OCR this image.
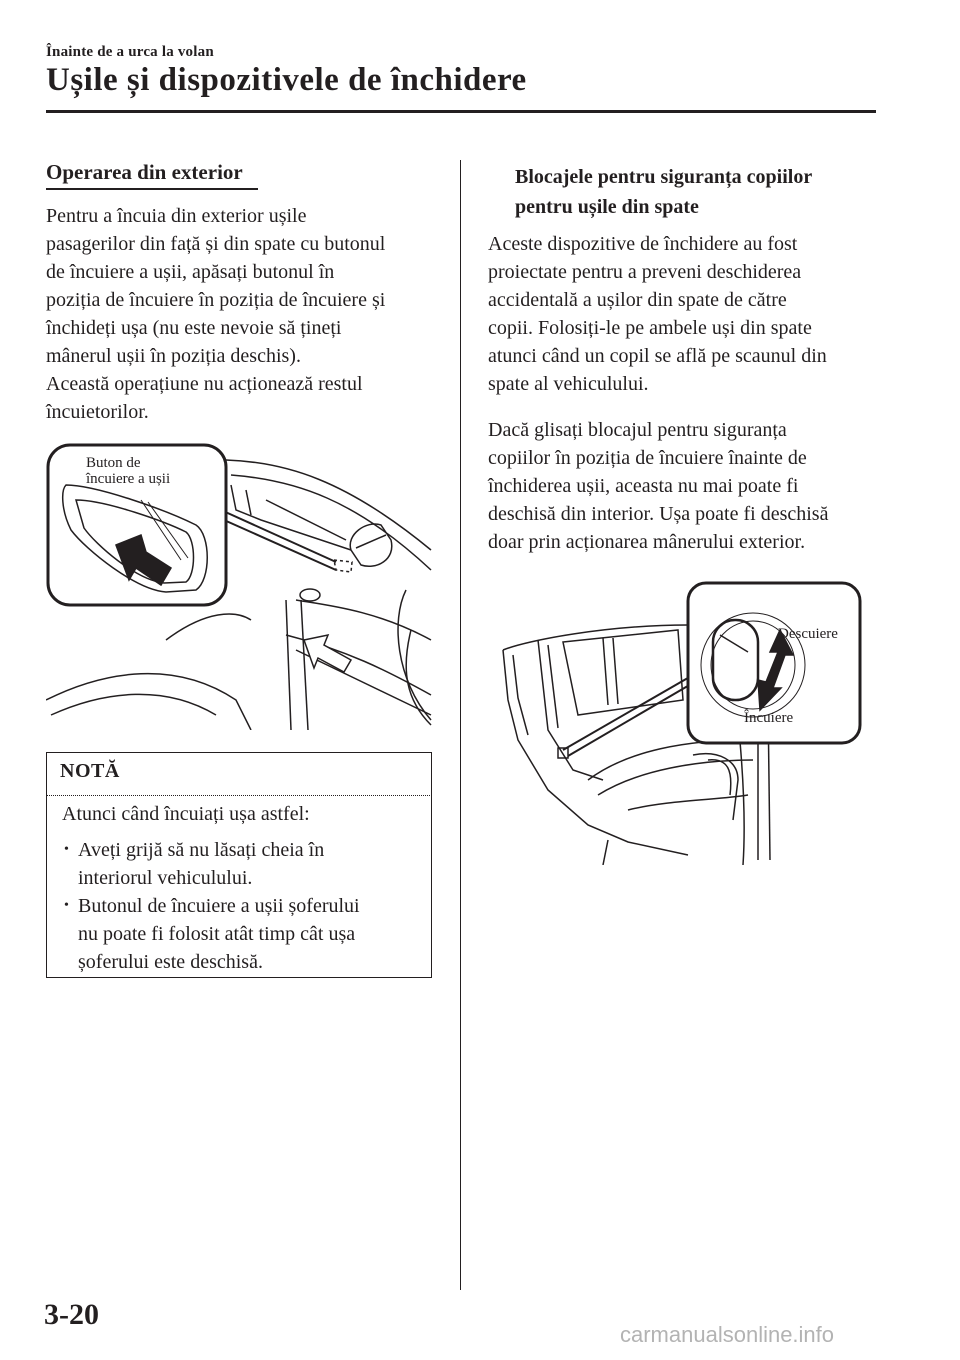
Înainte de a urca la volan
Ușile și dispozitivele de închidere
Operarea din exterior
Pentru a încuia din exterior ușile
pasagerilor din față și din spate cu butonul
de încuiere a ușii, apăsați butonul în
poziția de încuiere în poziția de încuiere și
închideți ușa (nu este nevoie să țineți
mânerul ușii în poziția deschis).
Această operațiune nu acționează restul
încuietorilor.
Buton de
încuiere a ușii
NOTĂ
Atunci când încuiați ușa astfel:
• Aveți grijă să nu lăsați cheia în
interiorul vehiculului.
• Butonul de încuiere a ușii șoferului
nu poate fi folosit atât timp cât ușa
șoferului este deschisă.
Blocajele pentru siguranța copiilor
pentru ușile din spate
Aceste dispozitive de închidere au fost
proiectate pentru a preveni deschiderea
accidentală a ușilor din spate de către
copii. Folosiți-le pe ambele uși din spate
atunci când un copil se află pe scaunul din
spate al vehiculului.
Dacă glisați blocajul pentru siguranța
copiilor în poziția de încuiere înainte de
închiderea ușii, aceasta nu mai poate fi
deschisă din interior. Ușa poate fi deschisă
doar prin acționarea mânerului exterior.
Descuiere
Încuiere
3-20
carmanualsonline.info
